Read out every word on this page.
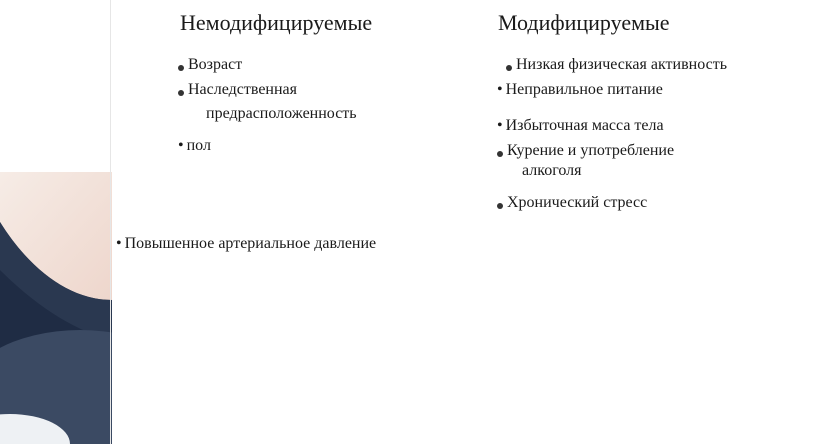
Немодифицируемые
Возраст
Наследственная
предрасположенность
• пол
Модифицируемые
Низкая физическая активность
• Неправильное питание
• Избыточная масса тела
Курение и употребление
алкоголя
Хронический стресс
• Повышенное артериальное давление
